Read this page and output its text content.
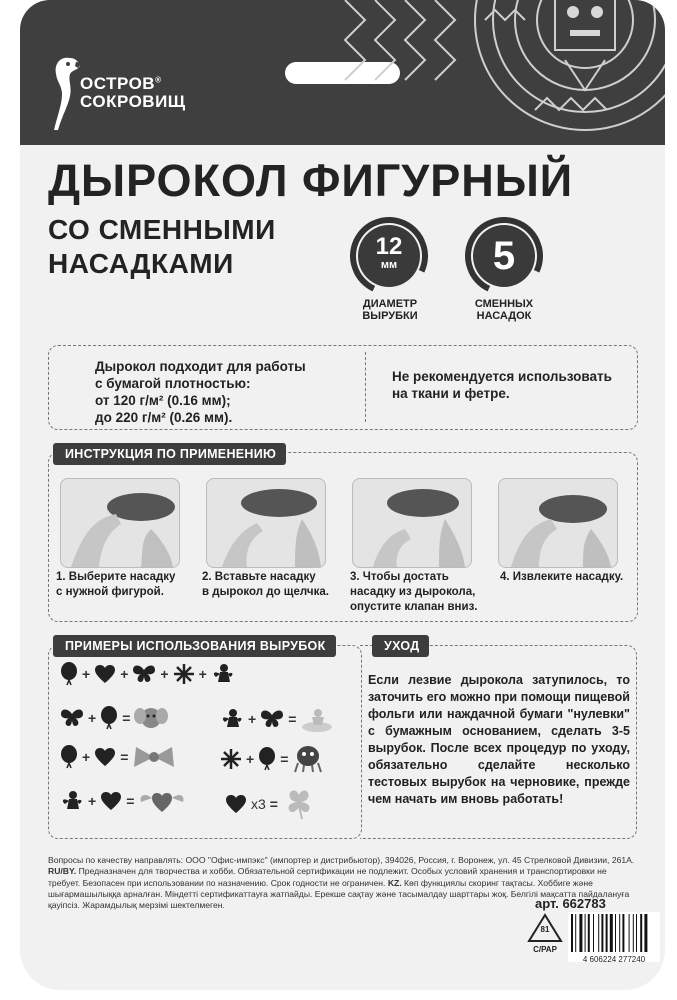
ОСТРОВ®
СОКРОВИЩ
ДЫРОКОЛ ФИГУРНЫЙ
СО СМЕННЫМИ
НАСАДКАМИ
12
мм
ДИАМЕТР
ВЫРУБКИ
5
СМЕННЫХ
НАСАДОК
Дырокол подходит для работы
с бумагой плотностью:
от 120 г/м² (0.16 мм);
до 220 г/м² (0.26 мм).
Не рекомендуется использовать
на ткани и фетре.
ИНСТРУКЦИЯ ПО ПРИМЕНЕНИЮ
1. Выберите насадку
с нужной фигурой.
2. Вставьте насадку
в дырокол до щелчка.
3. Чтобы достать
насадку из дырокола,
опустите клапан вниз.
4. Извлеките насадку.
ПРИМЕРЫ ИСПОЛЬЗОВАНИЯ ВЫРУБОК
+ + + +
+ =	+ =
+ =	+ =
+ =	x3 =
УХОД
Если лезвие дырокола затупилось, то заточить его можно при помощи пищевой фольги или наждачной бумаги "нулевки" с бумажным основанием, сделать 3-5 вырубок. После всех процедур по уходу, обязательно сделайте несколько тестовых вырубок на черновике, прежде чем начать им вновь работать!
Вопросы по качеству направлять: ООО "Офис-импэкс" (импортер и дистрибьютор), 394026, Россия, г. Воронеж, ул. 45 Стрелковой Дивизии, 261А.
RU/BY. Предназначен для творчества и хобби. Обязательной сертификации не подлежит. Особых условий хранения и транспортировки не
требует. Безопасен при использовании по назначению. Срок годности не ограничен. KZ. Көп функциялы скоринг тақтасы. Хоббиге және
шығармашылыққа арналған. Міндетті сертификаттауға жатпайды. Ерекше сақтау және тасымалдау шарттары жоқ. Белгілі мақсатта пайдалануға
қауіпсіз. Жарамдылық мерзімі шектелмеген.	арт. 662783
81
C/PAP
4 606224 277240
